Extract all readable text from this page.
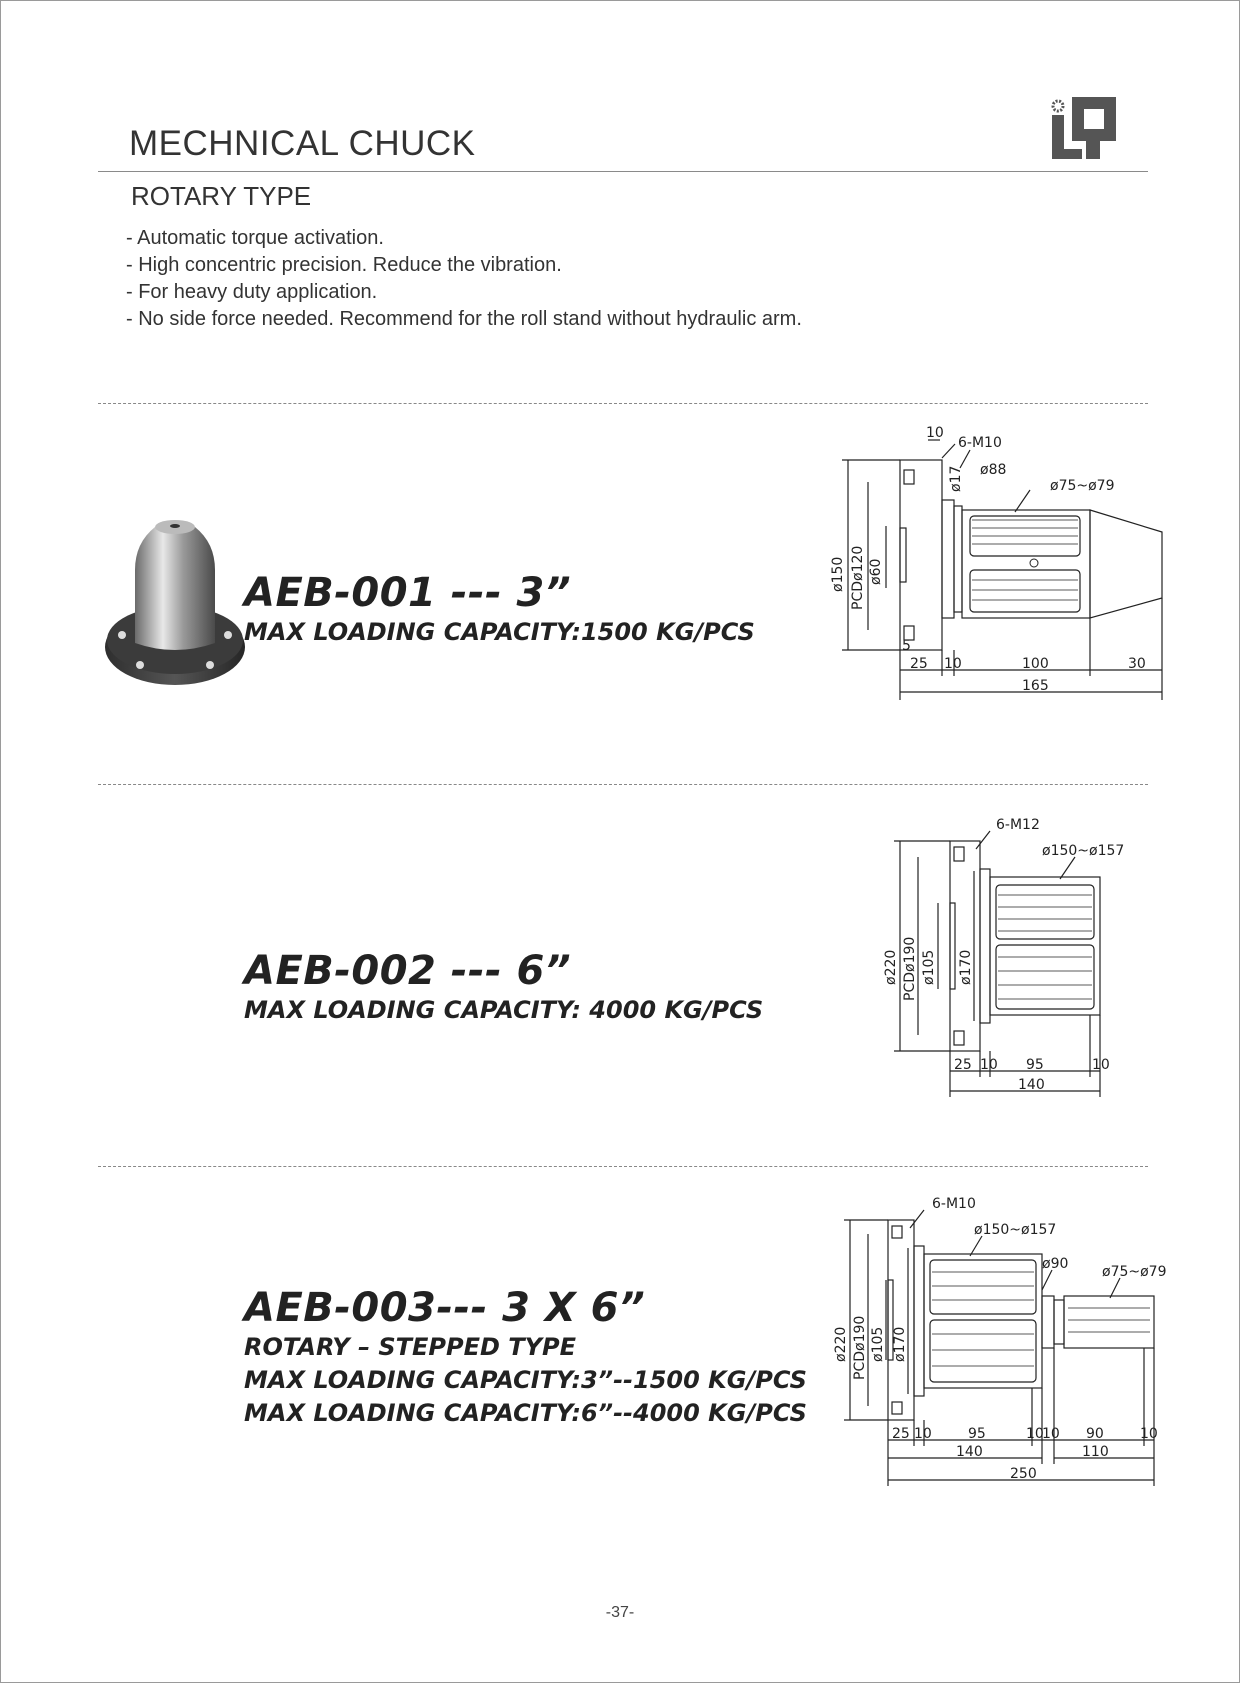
MECHNICAL CHUCK
ROTARY TYPE
- Automatic torque activation.
- High concentric precision. Reduce the vibration.
- For heavy duty application.
- No side force needed. Recommend for the roll stand without hydraulic arm.
AEB-001 --- 3”
MAX LOADING CAPACITY:1500 KG/PCS
10
6-M10
ø17 ø88
ø75~ø79
ø150 PCDø120 ø60
5
25 10	100	30
165
AEB-002 --- 6”
MAX LOADING CAPACITY: 4000 KG/PCS
6-M12
ø150~ø157
ø220 PCDø190 ø105 ø170
25 10 95	10
140
AEB-003--- 3 X 6”
ROTARY – STEPPED TYPE
MAX LOADING CAPACITY:3”--1500 KG/PCS
MAX LOADING CAPACITY:6”--4000 KG/PCS
6-M10
ø150~ø157
ø90 ø75~ø79
ø220 PCDø190 ø105 ø170
25 10	95	10
10 90	10
140	110
250
-37-
